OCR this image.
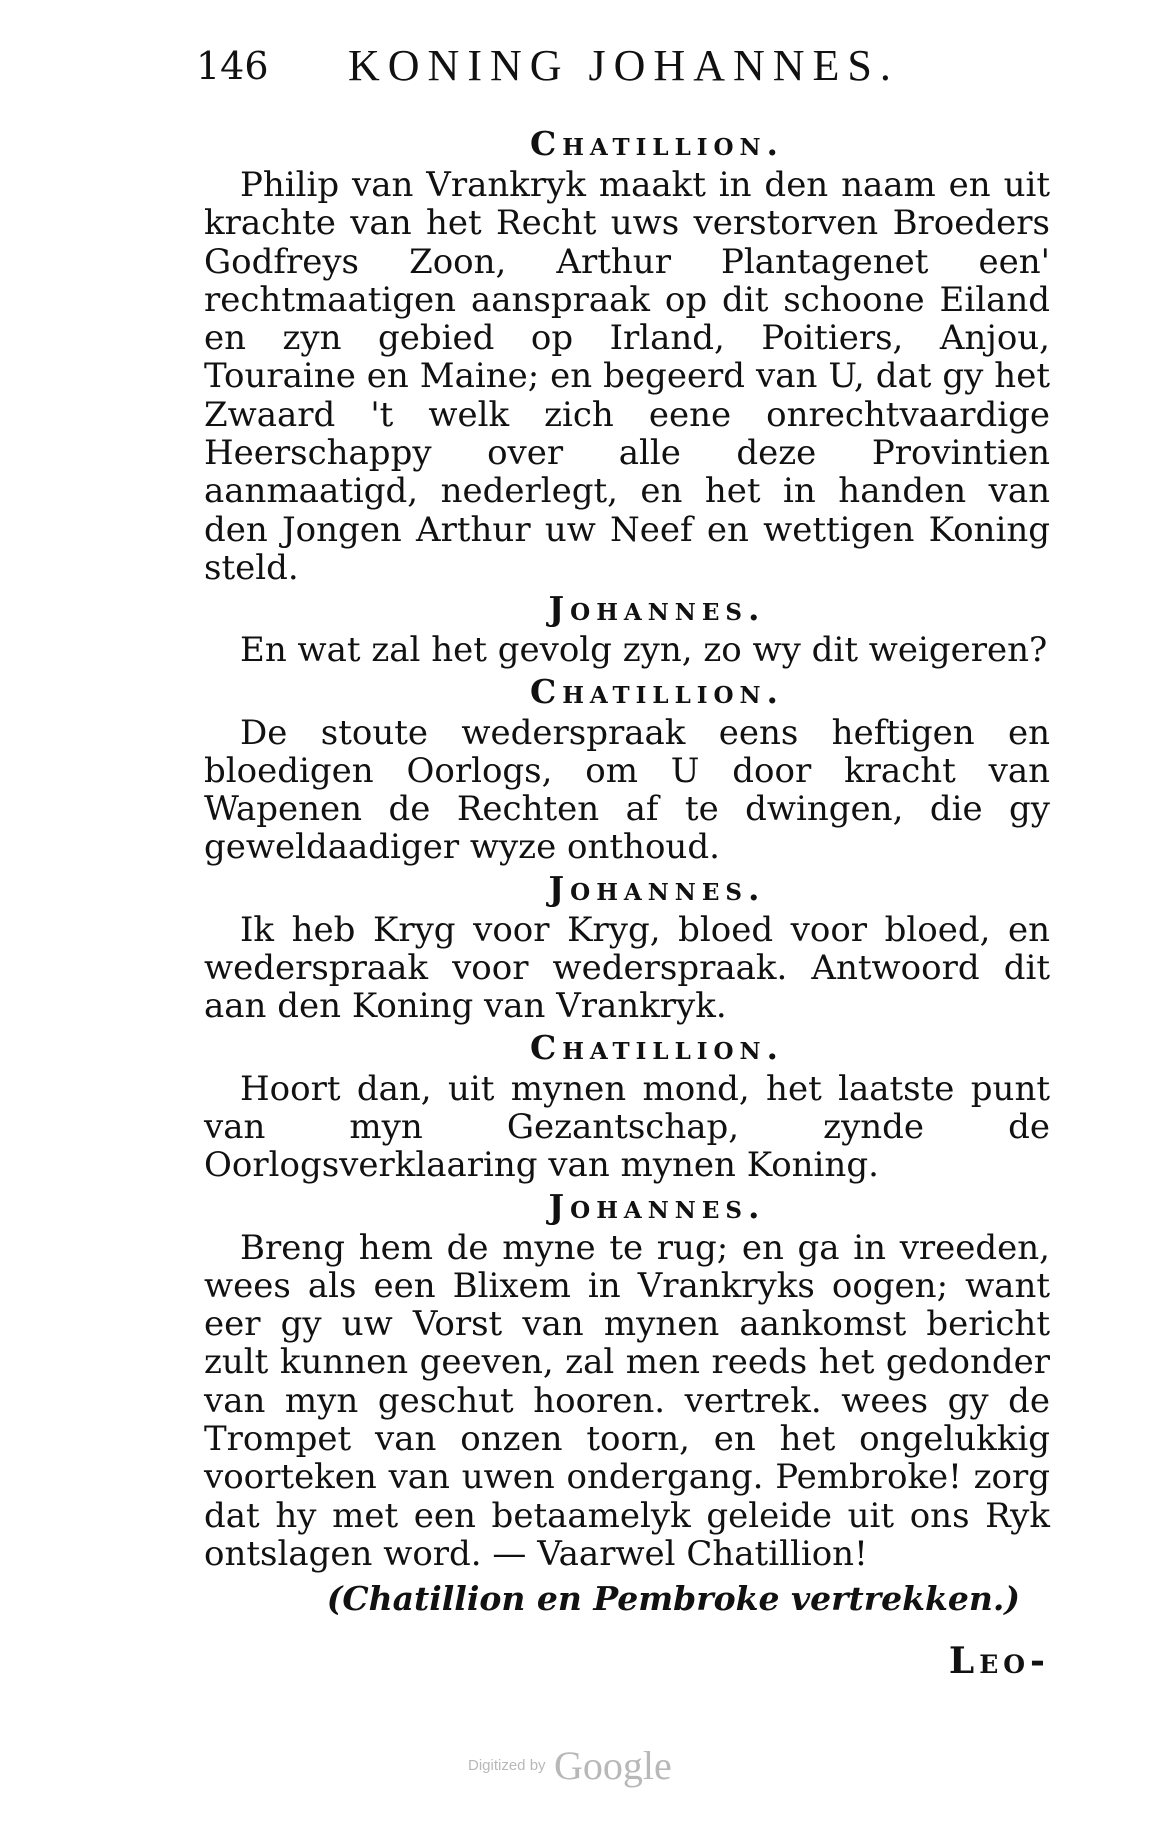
146 KONING JOHANNES.

Chatillion.

Philip van Vrankryk maakt in den naam en uit krachte van het Recht uws verstorven Broeders Godfreys Zoon, Arthur Plantagenet een' rechtmaatigen aanspraak op dit schoone Eiland en zyn gebied op Irland, Poitiers, Anjou, Touraine en Maine; en begeerd van U, dat gy het Zwaard 't welk zich eene onrechtvaardige Heerschappy over alle deze Provintien aanmaatigd, nederlegt, en het in handen van den Jongen Arthur uw Neef en wettigen Koning steld.

Johannes.

En wat zal het gevolg zyn, zo wy dit weigeren?

Chatillion.

De stoute wederspraak eens heftigen en bloedigen Oorlogs, om U door kracht van Wapenen de Rechten af te dwingen, die gy geweldaadiger wyze onthoud.

Johannes.

Ik heb Kryg voor Kryg, bloed voor bloed, en wederspraak voor wederspraak. Antwoord dit aan den Koning van Vrankryk.

Chatillion.

Hoort dan, uit mynen mond, het laatste punt van myn Gezantschap, zynde de Oorlogsverklaaring van mynen Koning.

Johannes.

Breng hem de myne te rug; en ga in vreeden, wees als een Blixem in Vrankryks oogen; want eer gy uw Vorst van mynen aankomst bericht zult kunnen geeven, zal men reeds het gedonder van myn geschut hooren. vertrek. wees gy de Trompet van onzen toorn, en het ongelukkig voorteken van uwen ondergang. Pembroke! zorg dat hy met een betaamelyk geleide uit ons Ryk ontslagen word. — Vaarwel Chatillion!

(Chatillion en Pembroke vertrekken.)

Leo-
Digitized by Google
